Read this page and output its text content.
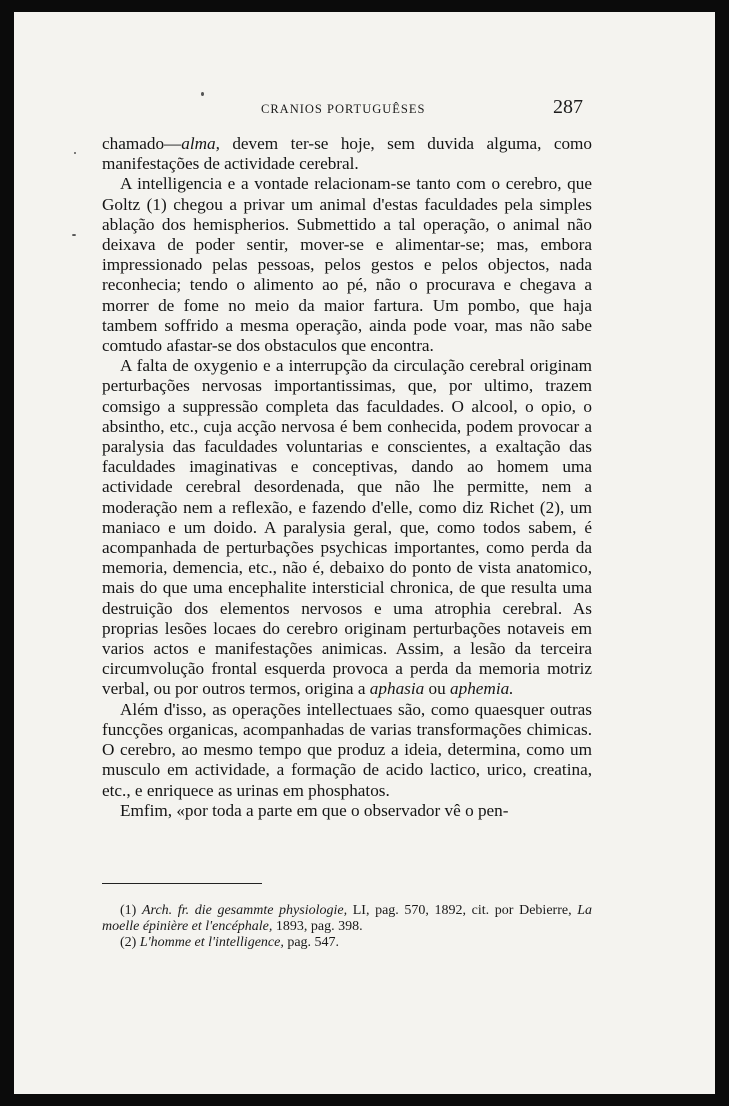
CRANIOS PORTUGUÊSES	287

chamado—alma, devem ter-se hoje, sem duvida alguma, como manifestações de actividade cerebral.

A intelligencia e a vontade relacionam-se tanto com o cerebro, que Goltz (1) chegou a privar um animal d'estas faculdades pela simples ablação dos hemispherios. Submettido a tal operação, o animal não deixava de poder sentir, mover-se e alimentar-se; mas, embora impressionado pelas pessoas, pelos gestos e pelos objectos, nada reconhecia; tendo o alimento ao pé, não o procurava e chegava a morrer de fome no meio da maior fartura. Um pombo, que haja tambem soffrido a mesma operação, ainda pode voar, mas não sabe comtudo afastar-se dos obstaculos que encontra.

A falta de oxygenio e a interrupção da circulação cerebral originam perturbações nervosas importantissimas, que, por ultimo, trazem comsigo a suppressão completa das faculdades. O alcool, o opio, o absintho, etc., cuja acção nervosa é bem conhecida, podem provocar a paralysia das faculdades voluntarias e conscientes, a exaltação das faculdades imaginativas e conceptivas, dando ao homem uma actividade cerebral desordenada, que não lhe permitte, nem a moderação nem a reflexão, e fazendo d'elle, como diz Richet (2), um maniaco e um doido. A paralysia geral, que, como todos sabem, é acompanhada de perturbações psychicas importantes, como perda da memoria, demencia, etc., não é, debaixo do ponto de vista anatomico, mais do que uma encephalite intersticial chronica, de que resulta uma destruição dos elementos nervosos e uma atrophia cerebral. As proprias lesões locaes do cerebro originam perturbações notaveis em varios actos e manifestações animicas. Assim, a lesão da terceira circumvolução frontal esquerda provoca a perda da memoria motriz verbal, ou por outros termos, origina a aphasia ou aphemia.

Além d'isso, as operações intellectuaes são, como quaesquer outras funcções organicas, acompanhadas de varias transformações chimicas. O cerebro, ao mesmo tempo que produz a ideia, determina, como um musculo em actividade, a formação de acido lactico, urico, creatina, etc., e enriquece as urinas em phosphatos.

Emfim, «por toda a parte em que o observador vê o pen-

(1) Arch. fr. die gesammte physiologie, LI, pag. 570, 1892, cit. por Debierre, La moelle épinière et l'encéphale, 1893, pag. 398.

(2) L'homme et l'intelligence, pag. 547.
